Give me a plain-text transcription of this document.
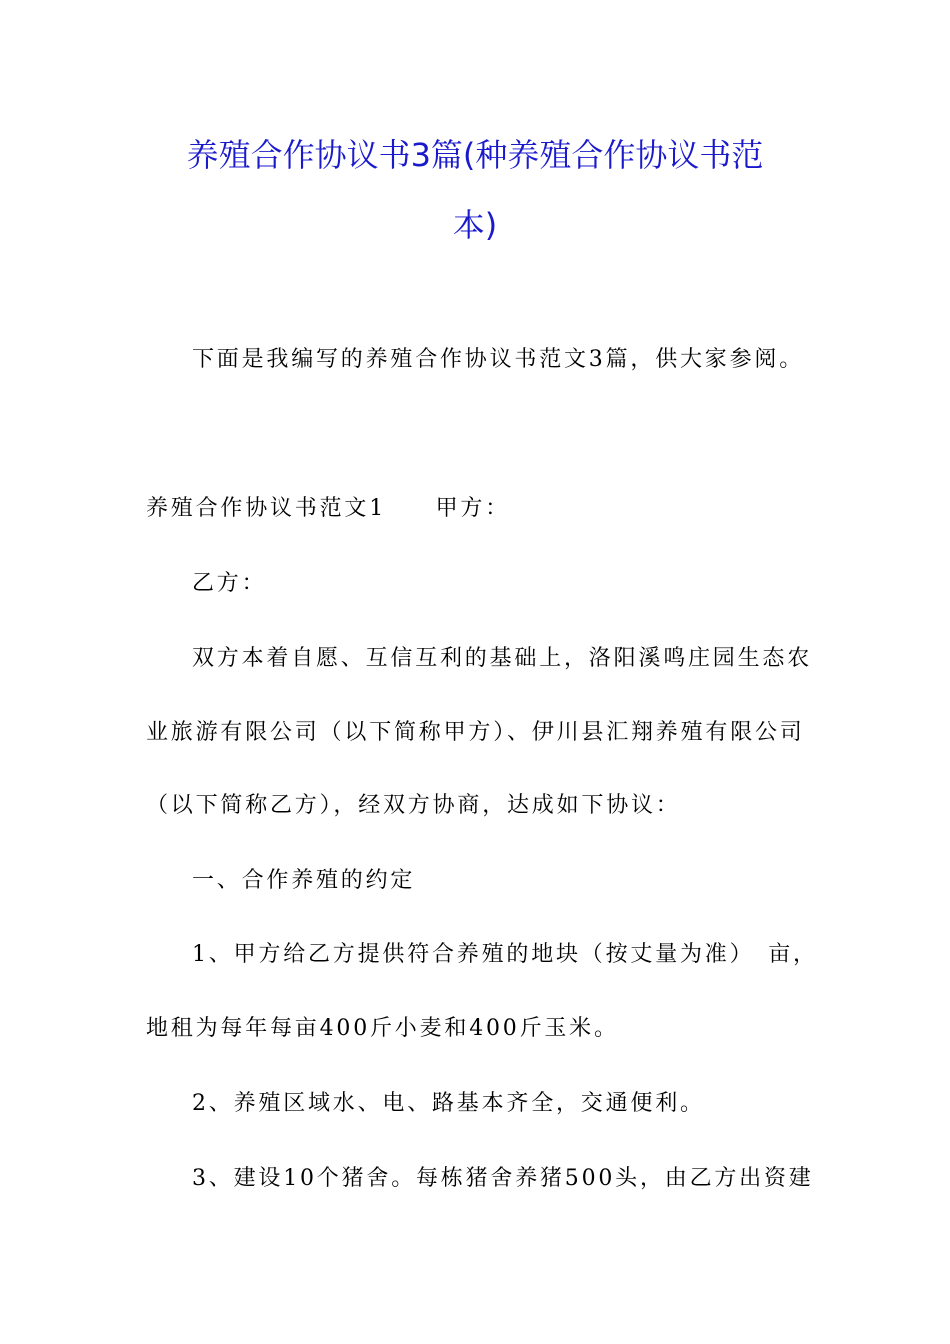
养殖合作协议书3篇(种养殖合作协议书范
本)

下面是我编写的养殖合作协议书范文3篇，供大家参阅。

养殖合作协议书范文1　　甲方：

乙方：

双方本着自愿、互信互利的基础上，洛阳溪鸣庄园生态农

业旅游有限公司（以下简称甲方）、伊川县汇翔养殖有限公司

（以下简称乙方），经双方协商，达成如下协议：

一、合作养殖的约定

1、甲方给乙方提供符合养殖的地块（按丈量为准）　亩，

地租为每年每亩400斤小麦和400斤玉米。

2、养殖区域水、电、路基本齐全，交通便利。

3、建设10个猪舍。每栋猪舍养猪500头，由乙方出资建
